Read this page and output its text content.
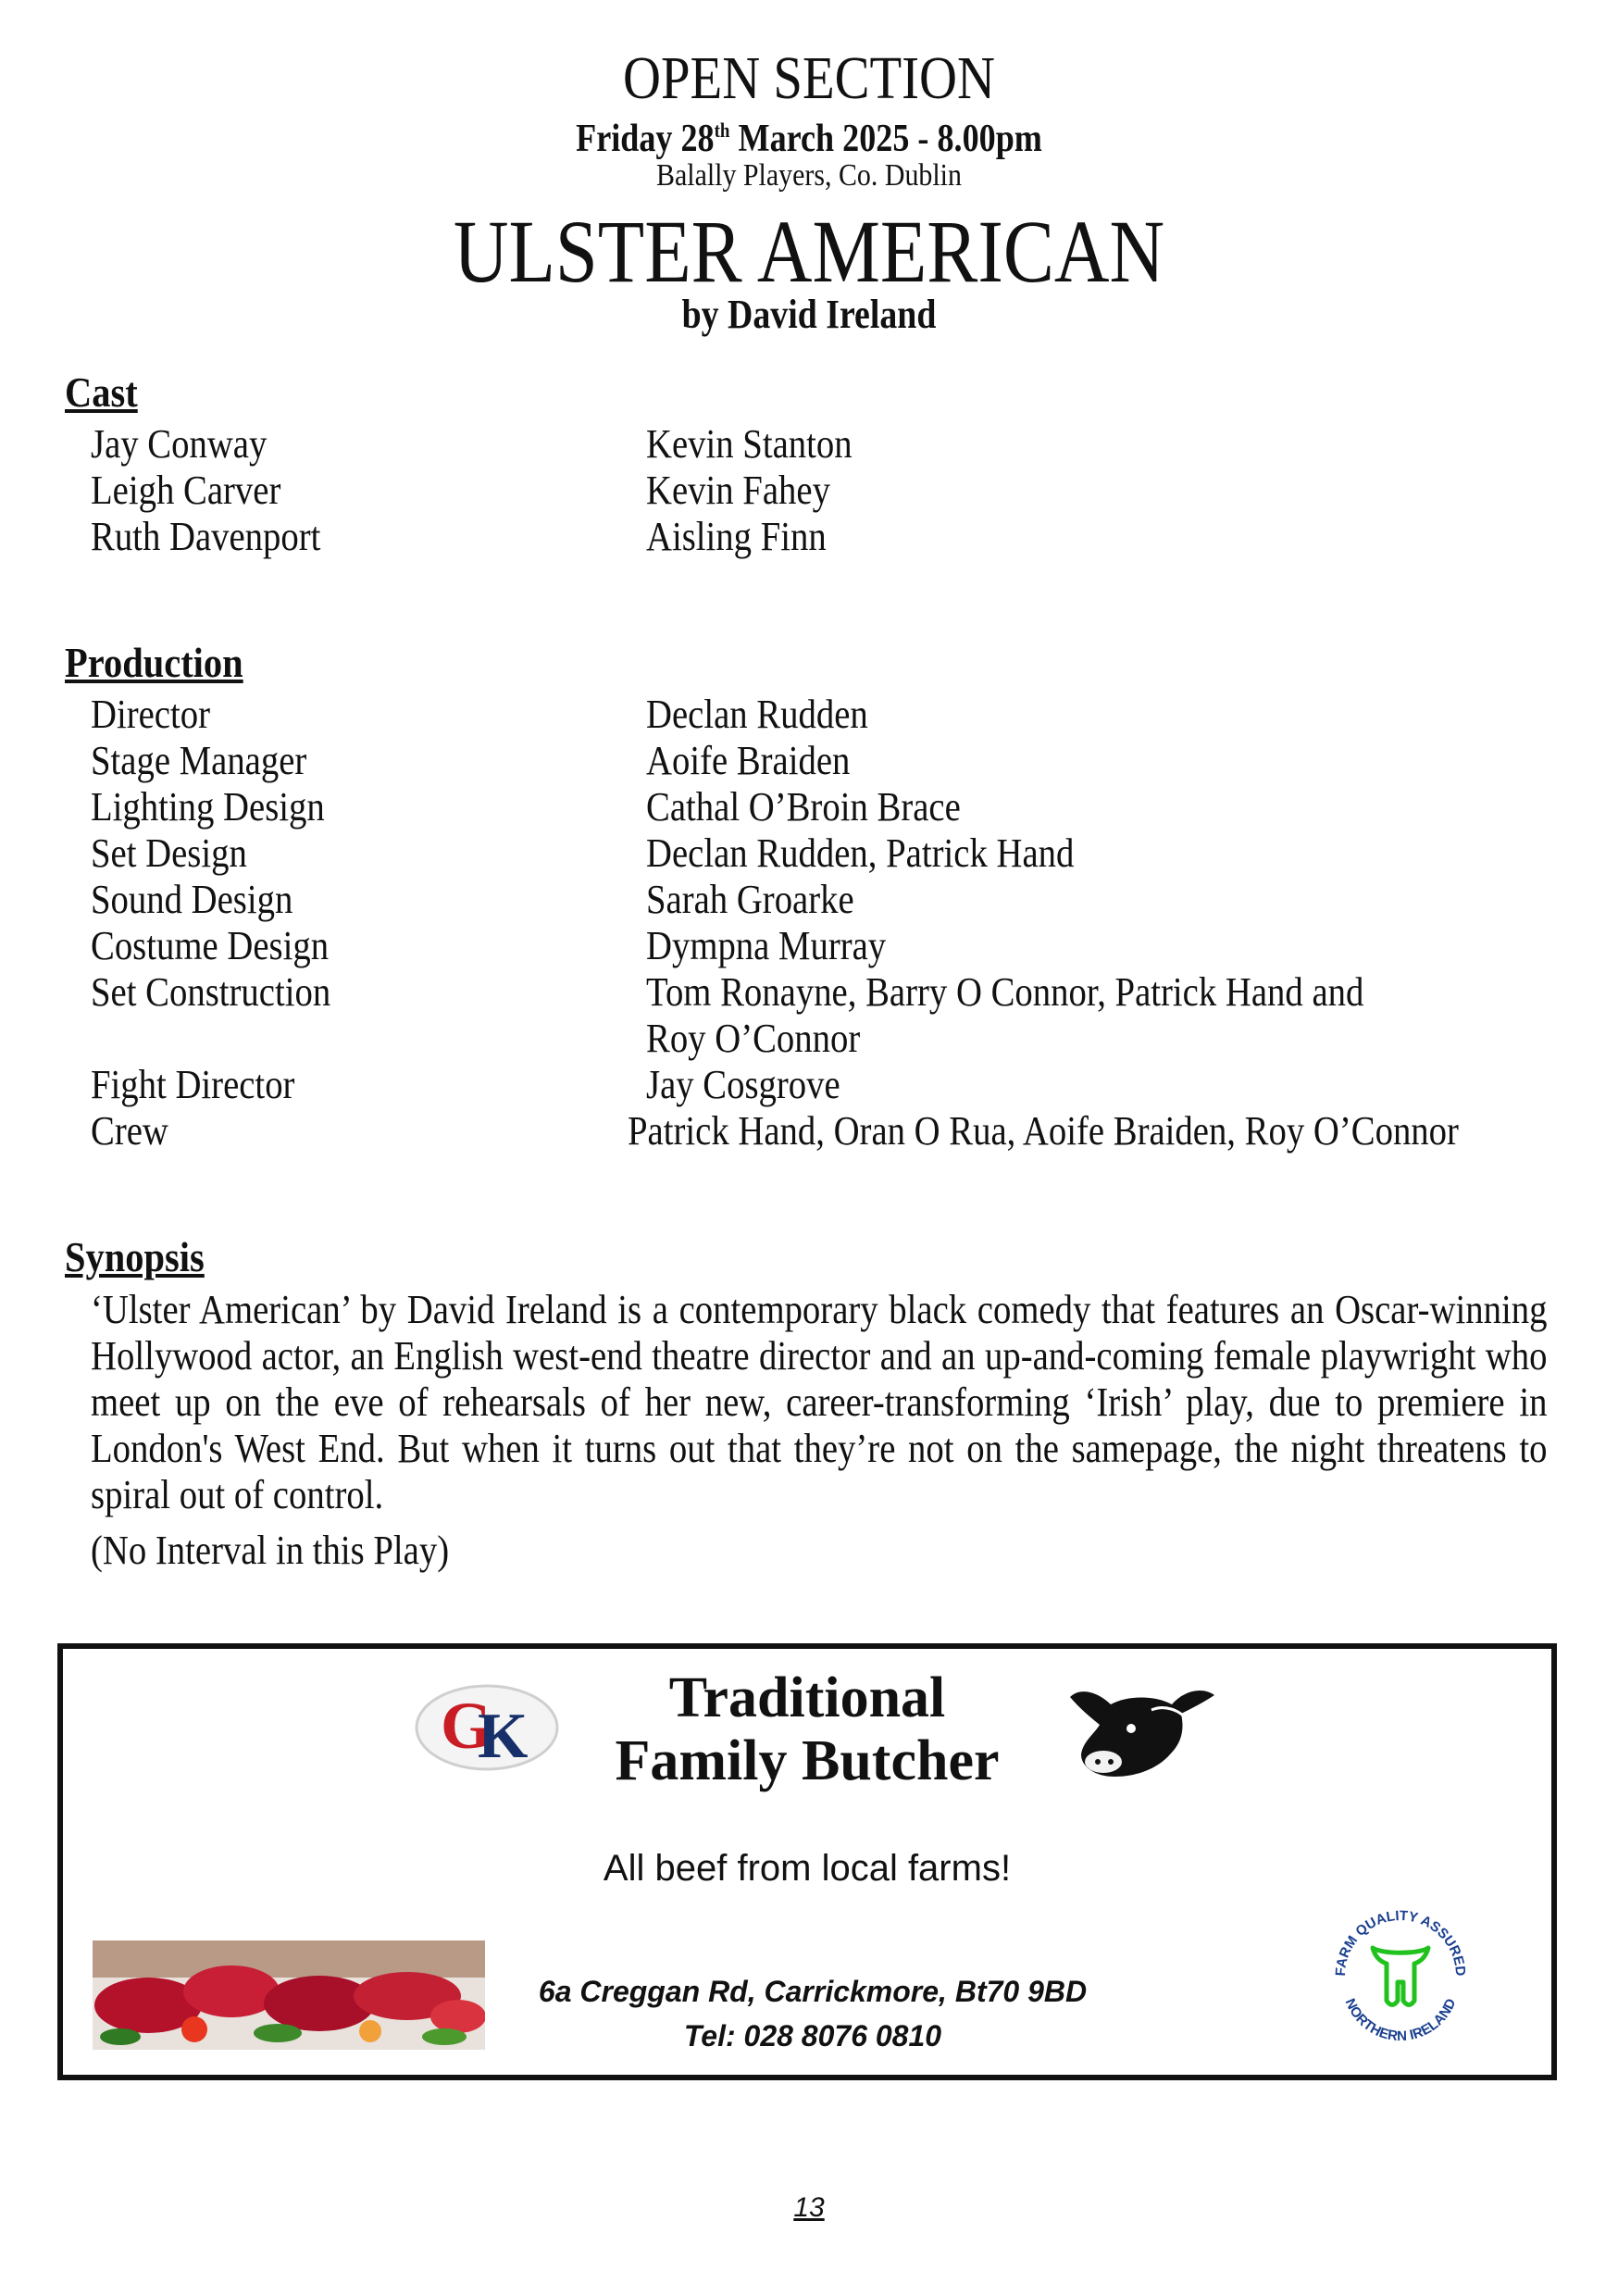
OPEN SECTION
Friday 28th March 2025 - 8.00pm
Balally Players, Co. Dublin
ULSTER AMERICAN
by David Ireland
Cast
Jay Conway	Kevin Stanton
Leigh Carver	Kevin Fahey
Ruth Davenport	Aisling Finn
Production
Director	Declan Rudden
Stage Manager	Aoife Braiden
Lighting Design	Cathal O’Broin Brace
Set Design	Declan Rudden, Patrick Hand
Sound Design	Sarah Groarke
Costume Design	Dympna Murray
Set Construction	Tom Ronayne, Barry O Connor, Patrick Hand and
Roy O’Connor
Fight Director	Jay Cosgrove
Crew	Patrick Hand, Oran O Rua, Aoife Braiden, Roy O’Connor
Synopsis
‘Ulster American’ by David Ireland is a contemporary black comedy that features an Oscar-winning Hollywood actor, an English west-end theatre director and an up-and-coming female playwright who meet up on the eve of rehearsals of her new, career-transforming ‘Irish’ play, due to premiere in London's West End. But when it turns out that they’re not on the samepage, the night threatens to spiral out of control.
(No Interval in this Play)
G
K
Traditional
Family Butcher
All beef from local farms!
6a Creggan Rd, Carrickmore, Bt70 9BD
Tel: 028 8076 0810
FARM QUALITY ASSURED
NORTHERN IRELAND
13
